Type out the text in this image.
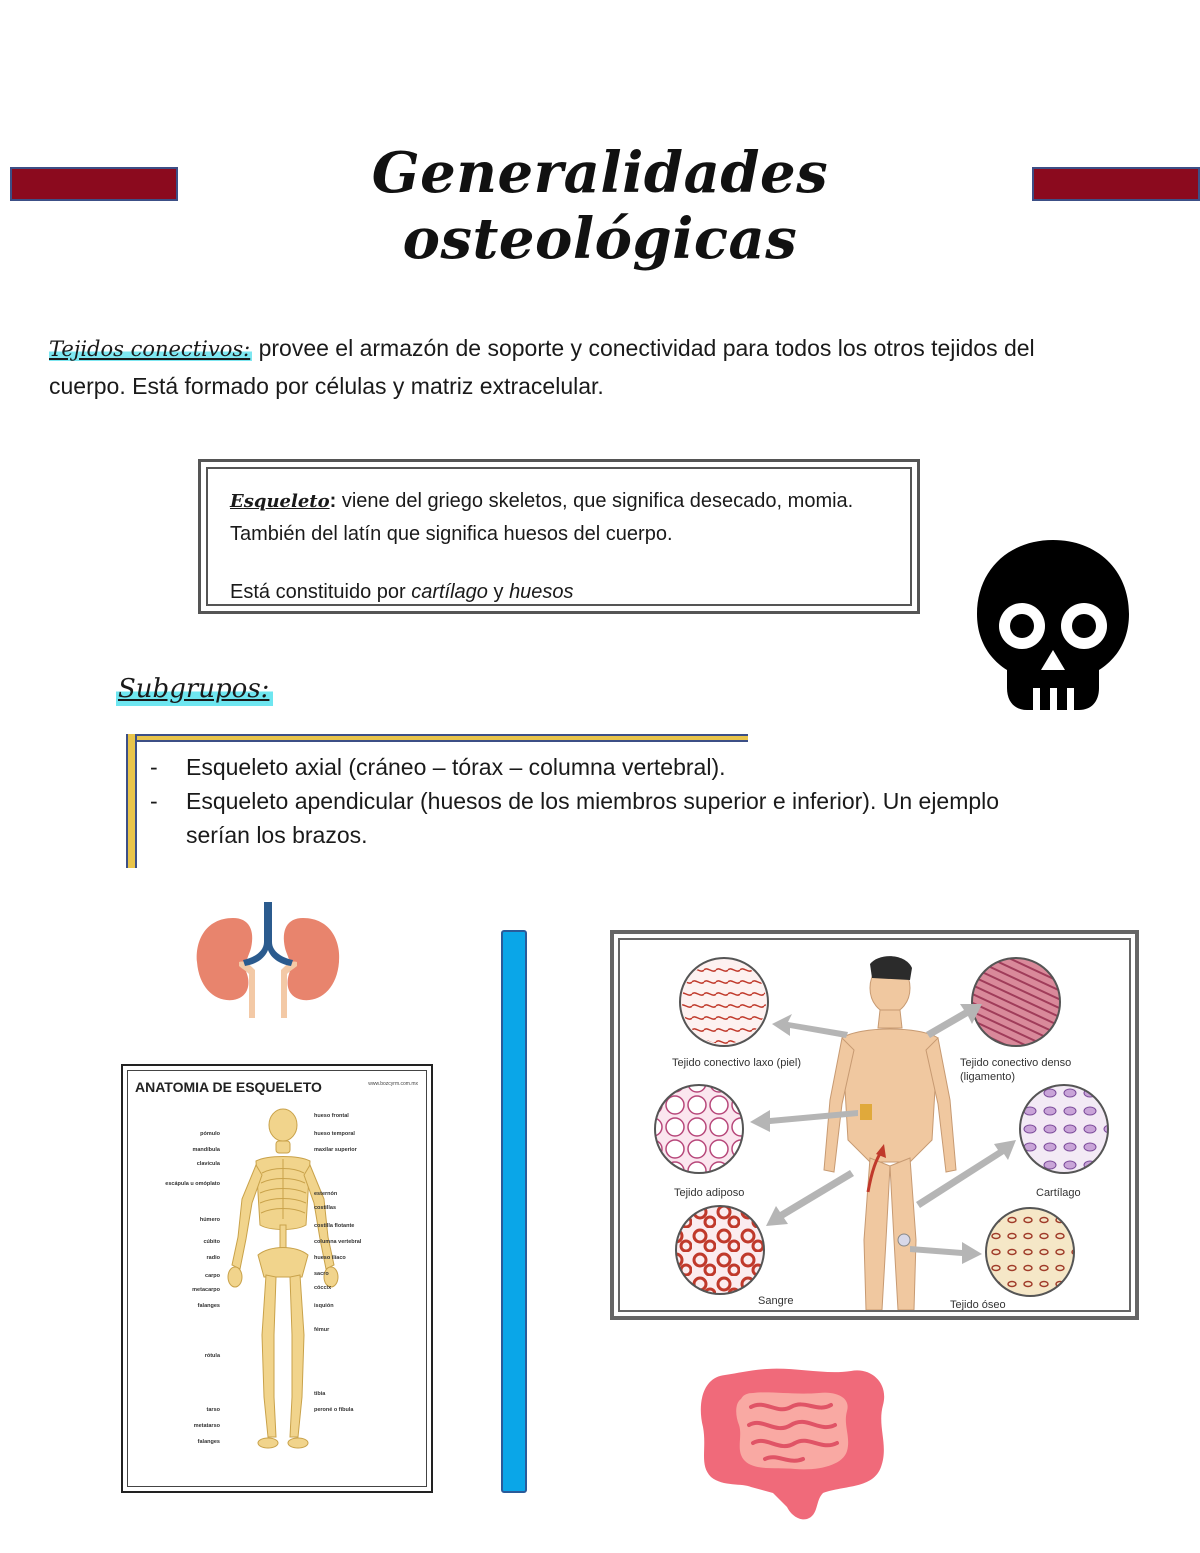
Generalidades osteológicas
Tejidos conectivos: provee el armazón de soporte y conectividad para todos los otros tejidos del cuerpo. Está formado por células y matriz extracelular.
Esqueleto: viene del griego skeletos, que significa desecado, momia.
También del latín que significa huesos del cuerpo.
Está constituido por cartílago y huesos
Subgrupos:
- Esqueleto axial (cráneo – tórax – columna vertebral).
- Esqueleto apendicular (huesos de los miembros superior e inferior). Un ejemplo serían los brazos.
ANATOMIA DE ESQUELETO	www.bozcyrm.com.mx
pómulo
mandíbula
clavícula
escápula u omóplato
húmero
cúbito
radio
carpo
metacarpo
falanges
rótula
tarso
metatarso
falanges
hueso frontal
hueso temporal
maxilar superior
esternón
costillas
costilla flotante
columna vertebral
hueso ilíaco
sacro
cóccix
isquión
fémur
tibia
peroné o fíbula
Tejido conectivo laxo (piel)	Tejido conectivo denso
(ligamento)
Tejido adiposo	Cartílago
Sangre	Tejido óseo
